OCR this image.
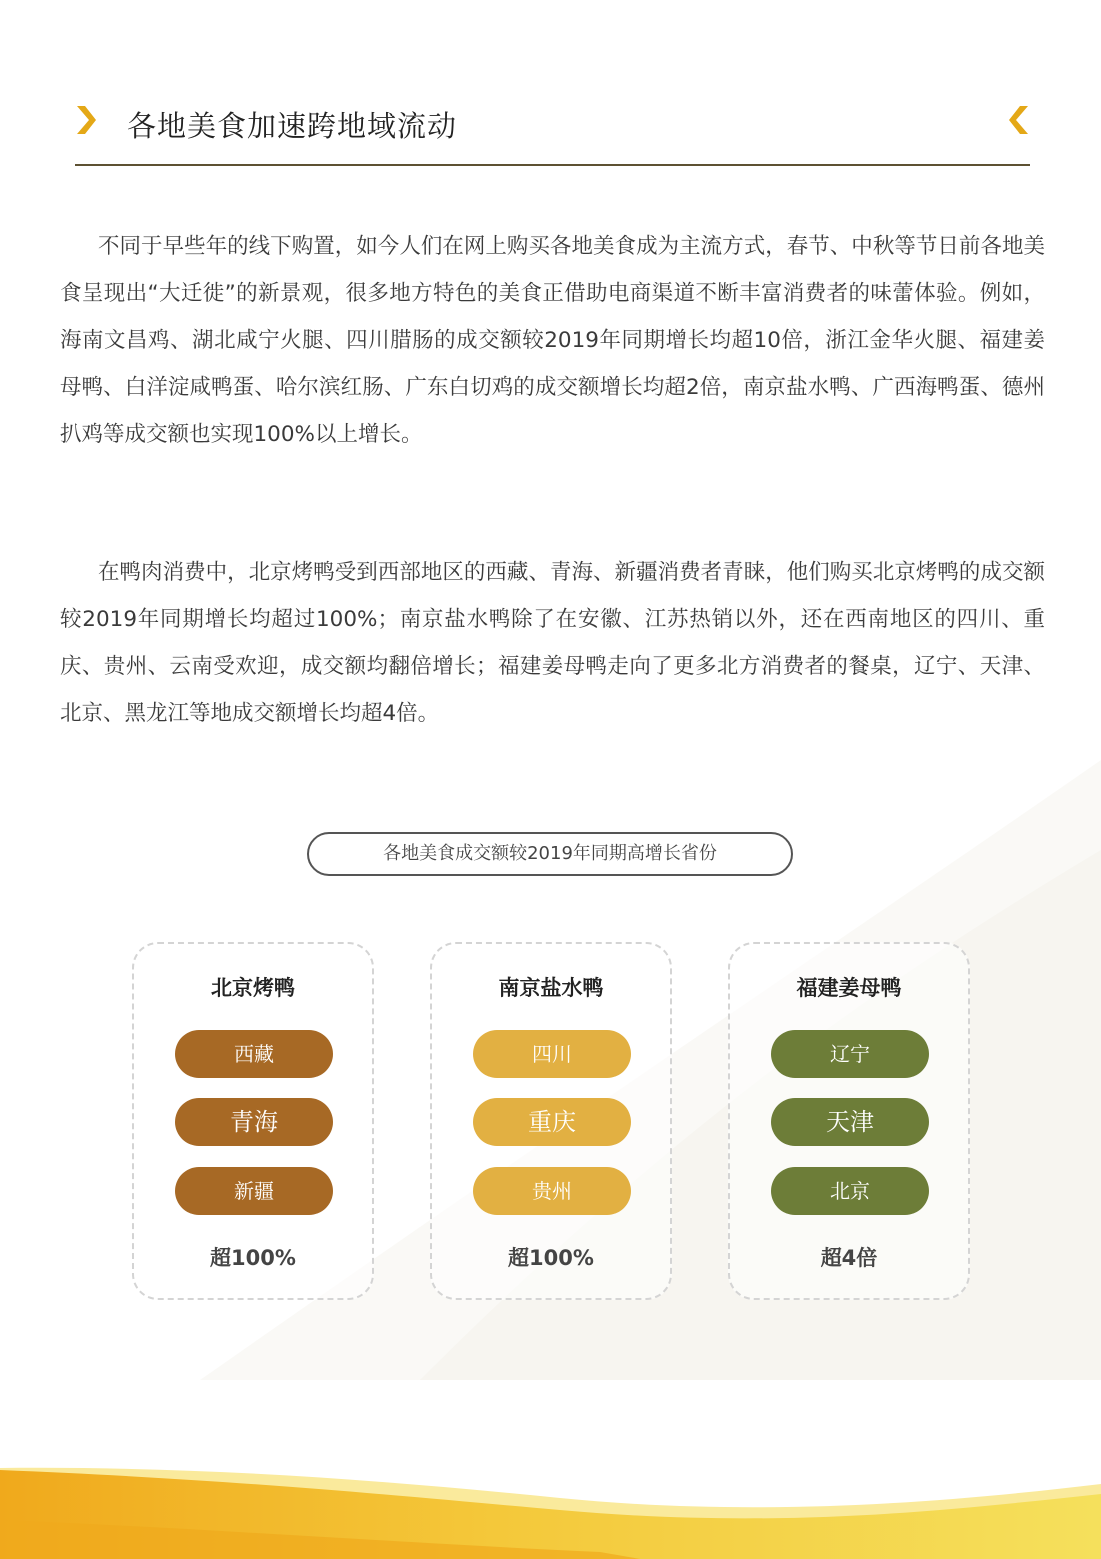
各地美食加速跨地域流动

不同于早些年的线下购置，如今人们在网上购买各地美食成为主流方式，春节、中秋等节日前各地美食呈现出“大迁徙”的新景观，很多地方特色的美食正借助电商渠道不断丰富消费者的味蕾体验。例如，海南文昌鸡、湖北咸宁火腿、四川腊肠的成交额较2019年同期增长均超10倍，浙江金华火腿、福建姜母鸭、白洋淀咸鸭蛋、哈尔滨红肠、广东白切鸡的成交额增长均超2倍，南京盐水鸭、广西海鸭蛋、德州扒鸡等成交额也实现100%以上增长。

在鸭肉消费中，北京烤鸭受到西部地区的西藏、青海、新疆消费者青睐，他们购买北京烤鸭的成交额较2019年同期增长均超过100%；南京盐水鸭除了在安徽、江苏热销以外，还在西南地区的四川、重庆、贵州、云南受欢迎，成交额均翻倍增长；福建姜母鸭走向了更多北方消费者的餐桌，辽宁、天津、北京、黑龙江等地成交额增长均超4倍。

各地美食成交额较2019年同期高增长省份
北京烤鸭
西藏
青海
新疆
超100%
南京盐水鸭
四川
重庆
贵州
超100%
福建姜母鸭
辽宁
天津
北京
超4倍
